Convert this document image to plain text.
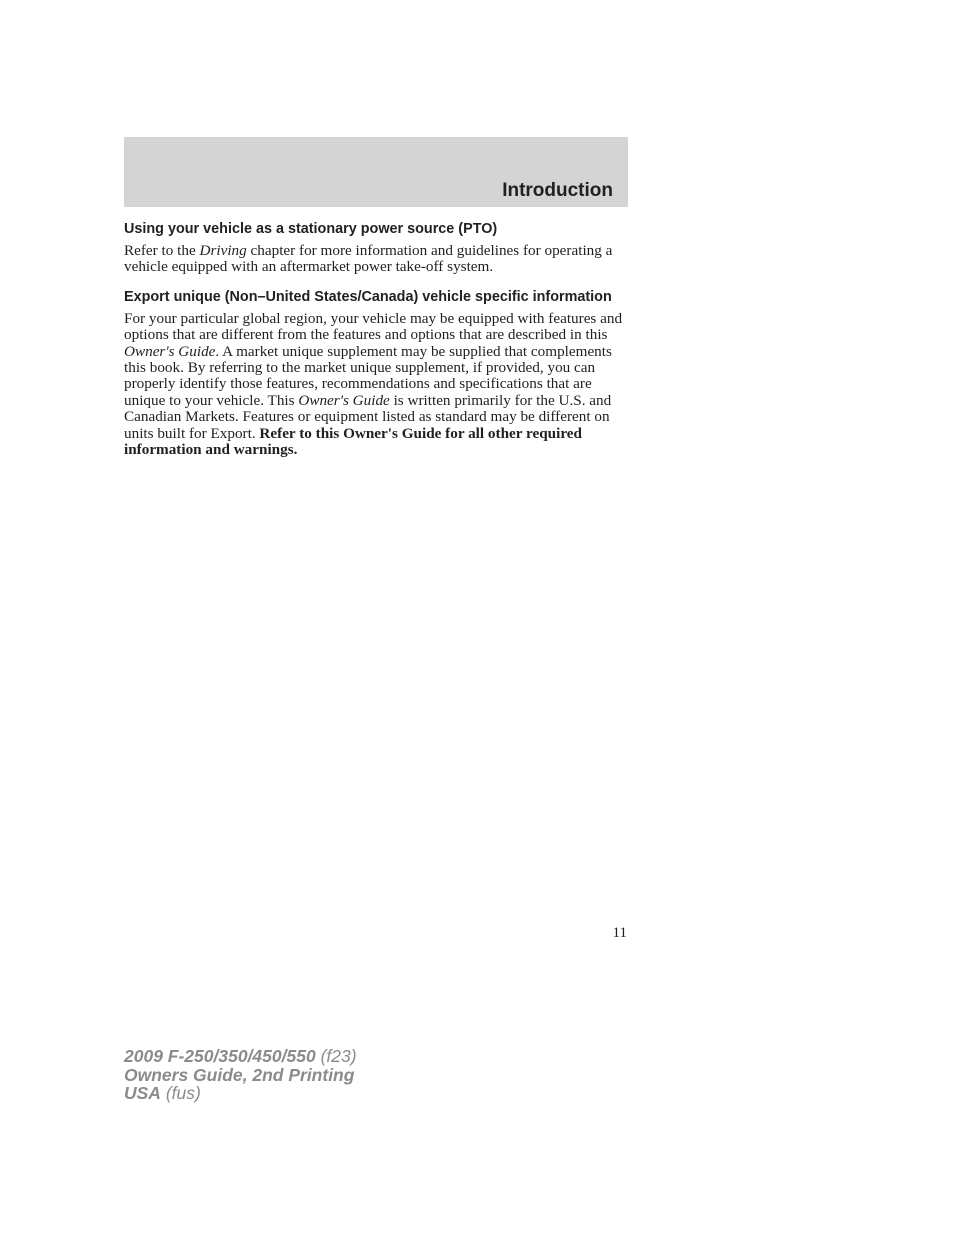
Introduction
Using your vehicle as a stationary power source (PTO)

Refer to the Driving chapter for more information and guidelines for operating a vehicle equipped with an aftermarket power take-off system.

Export unique (Non–United States/Canada) vehicle specific information

For your particular global region, your vehicle may be equipped with features and options that are different from the features and options that are described in this Owner's Guide. A market unique supplement may be supplied that complements this book. By referring to the market unique supplement, if provided, you can properly identify those features, recommendations and specifications that are unique to your vehicle. This Owner's Guide is written primarily for the U.S. and Canadian Markets. Features or equipment listed as standard may be different on units built for Export. Refer to this Owner's Guide for all other required information and warnings.

11
2009 F-250/350/450/550 (f23)
Owners Guide, 2nd Printing
USA (fus)
